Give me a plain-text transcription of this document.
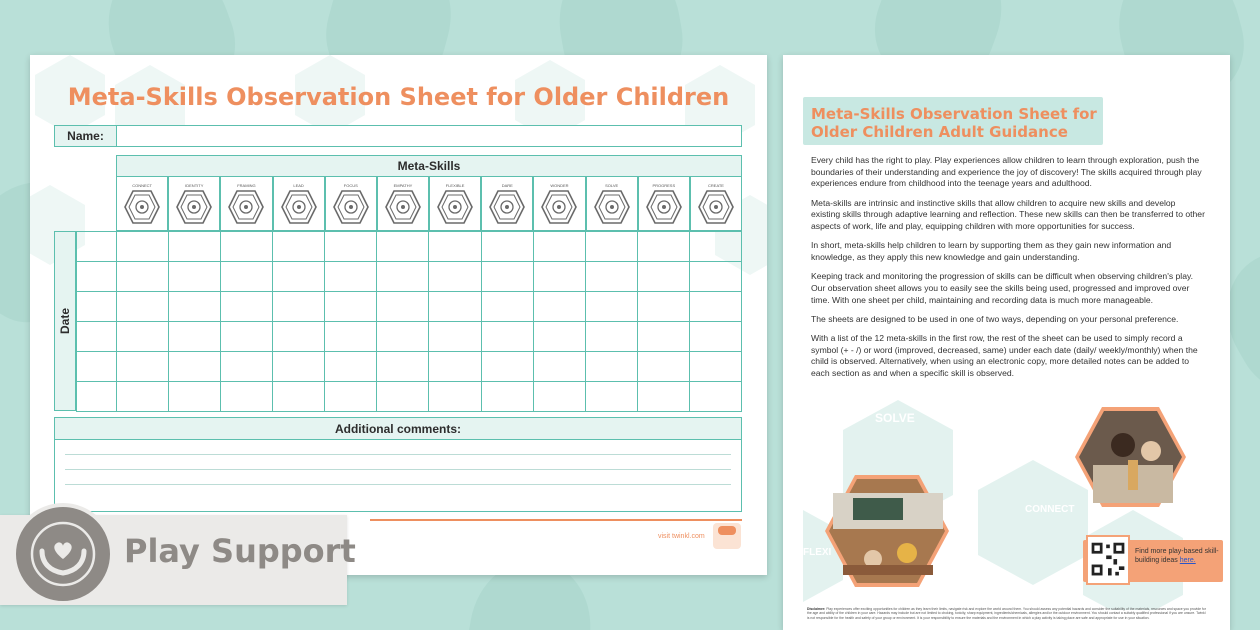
Meta-Skills Observation Sheet for Older Children
Name:
Meta-Skills
CONNECT	IDENTITY	FRAMING	LEAD	FOCUS	EMPATHY	FLEXIBLE	DARE	WONDER	SOLVE	PROGRESS	CREATE
Date

Additional comments:
visit twinkl.com
Play Support
Meta-Skills Observation Sheet for
Older Children Adult Guidance

Every child has the right to play. Play experiences allow children to learn through exploration, push the boundaries of their understanding and experience the joy of discovery! The skills acquired through play experiences endure from childhood into the teenage years and adulthood.

Meta-skills are intrinsic and instinctive skills that allow children to acquire new skills and develop existing skills through adaptive learning and reflection. These new skills can then be transferred to other aspects of work, life and play, equipping children with more opportunities for success.

In short, meta-skills help children to learn by supporting them as they gain new information and knowledge, as they apply this new knowledge and gain understanding.

Keeping track and monitoring the progression of skills can be difficult when observing children's play. Our observation sheet allows you to easily see the skills being used, progressed and improved over time. With one sheet per child, maintaining and recording data is much more manageable.

The sheets are designed to be used in one of two ways, depending on your personal preference.

With a list of the 12 meta-skills in the first row, the rest of the sheet can be used to simply record a symbol (+ - /) or word (improved, decreased, same) under each date (daily/ weekly/monthly) when the child is observed. Alternatively, when using an electronic copy, more detailed notes can be added to each section as and when a specific skill is observed.

SOLVE
CONNECT
FLEXI	Find more play-based skill-building ideas here.
Disclaimer: Play experiences offer exciting opportunities for children as they learn their limits, navigate risk and explore the world around them. You should assess any potential hazards and consider the suitability of the materials, resources and space you provide for the age and ability of the children in your care. Hazards may include but are not limited to choking, toxicity, sharp equipment, ingredients/chemicals, allergies and/or the outdoor environment. You should contact a suitably qualified professional if you are unsure. Twinkl is not responsible for the health and safety of your group or environment. It is your responsibility to ensure the materials and the environment in which a play activity is taking place are safe and appropriate for use in your situation.
